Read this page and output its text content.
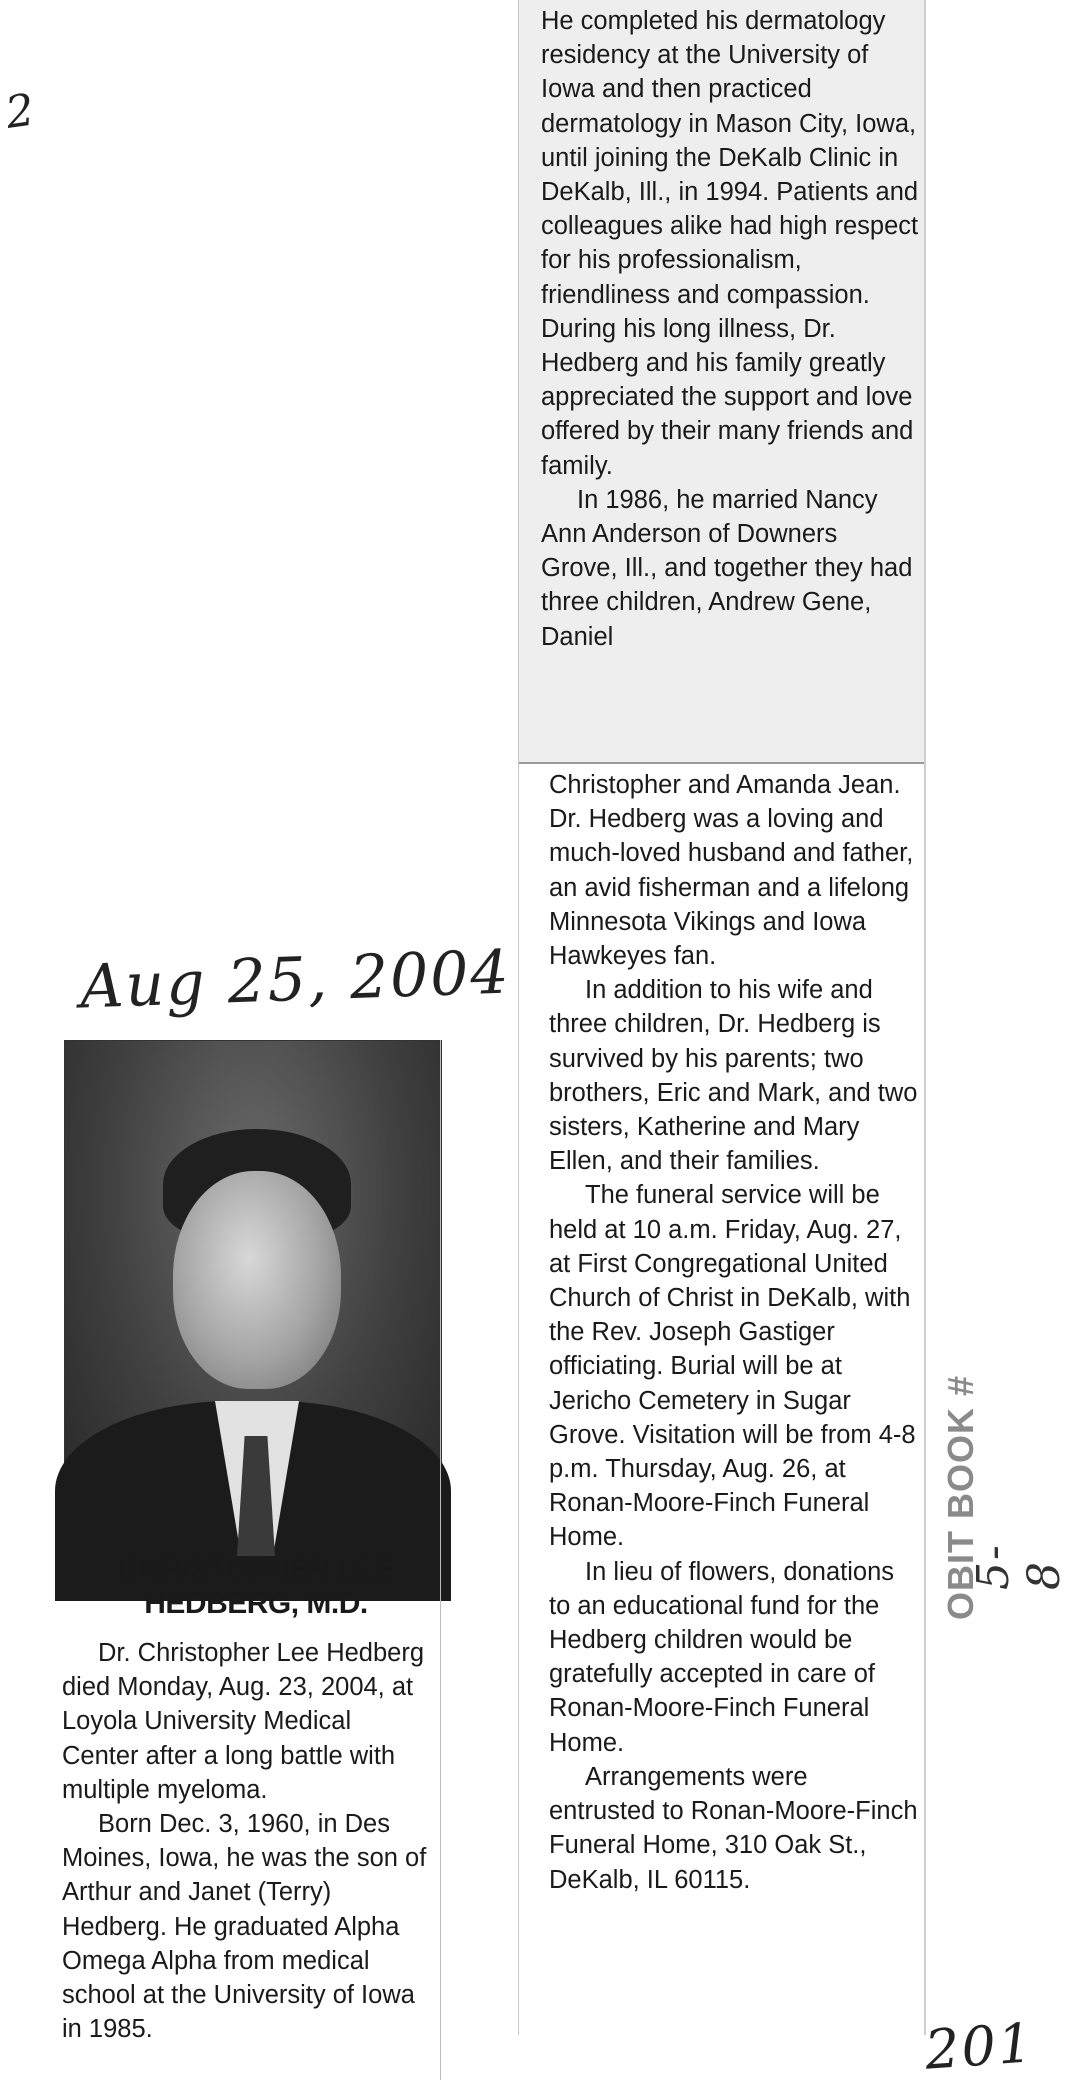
2

He completed his dermatology residency at the University of Iowa and then practiced dermatology in Mason City, Iowa, until joining the DeKalb Clinic in DeKalb, Ill., in 1994. Patients and colleagues alike had high respect for his professionalism, friendliness and compassion. During his long illness, Dr. Hedberg and his family greatly appreciated the support and love offered by their many friends and family.

In 1986, he married Nancy Ann Anderson of Downers Grove, Ill., and together they had three children, Andrew Gene, Daniel

Christopher and Amanda Jean. Dr. Hedberg was a loving and much-loved husband and father, an avid fisherman and a lifelong Minnesota Vikings and Iowa Hawkeyes fan.

In addition to his wife and three children, Dr. Hedberg is survived by his parents; two brothers, Eric and Mark, and two sisters, Katherine and Mary Ellen, and their families.

The funeral service will be held at 10 a.m. Friday, Aug. 27, at First Congregational United Church of Christ in DeKalb, with the Rev. Joseph Gastiger officiating. Burial will be at Jericho Cemetery in Sugar Grove. Visitation will be from 4-8 p.m. Thursday, Aug. 26, at Ronan-Moore-Finch Funeral Home.

In lieu of flowers, donations to an educational fund for the Hedberg children would be gratefully accepted in care of Ronan-Moore-Finch Funeral Home.

Arrangements were entrusted to Ronan-Moore-Finch Funeral Home, 310 Oak St., DeKalb, IL 60115.

Aug 25, 2004
CHRISTOPHER LEE
HEDBERG, M.D.

Dr. Christopher Lee Hedberg died Monday, Aug. 23, 2004, at Loyola University Medical Center after a long battle with multiple myeloma.

Born Dec. 3, 1960, in Des Moines, Iowa, he was the son of Arthur and Janet (Terry) Hedberg. He graduated Alpha Omega Alpha from medical school at the University of Iowa in 1985.

OBIT BOOK #
5-8
201
